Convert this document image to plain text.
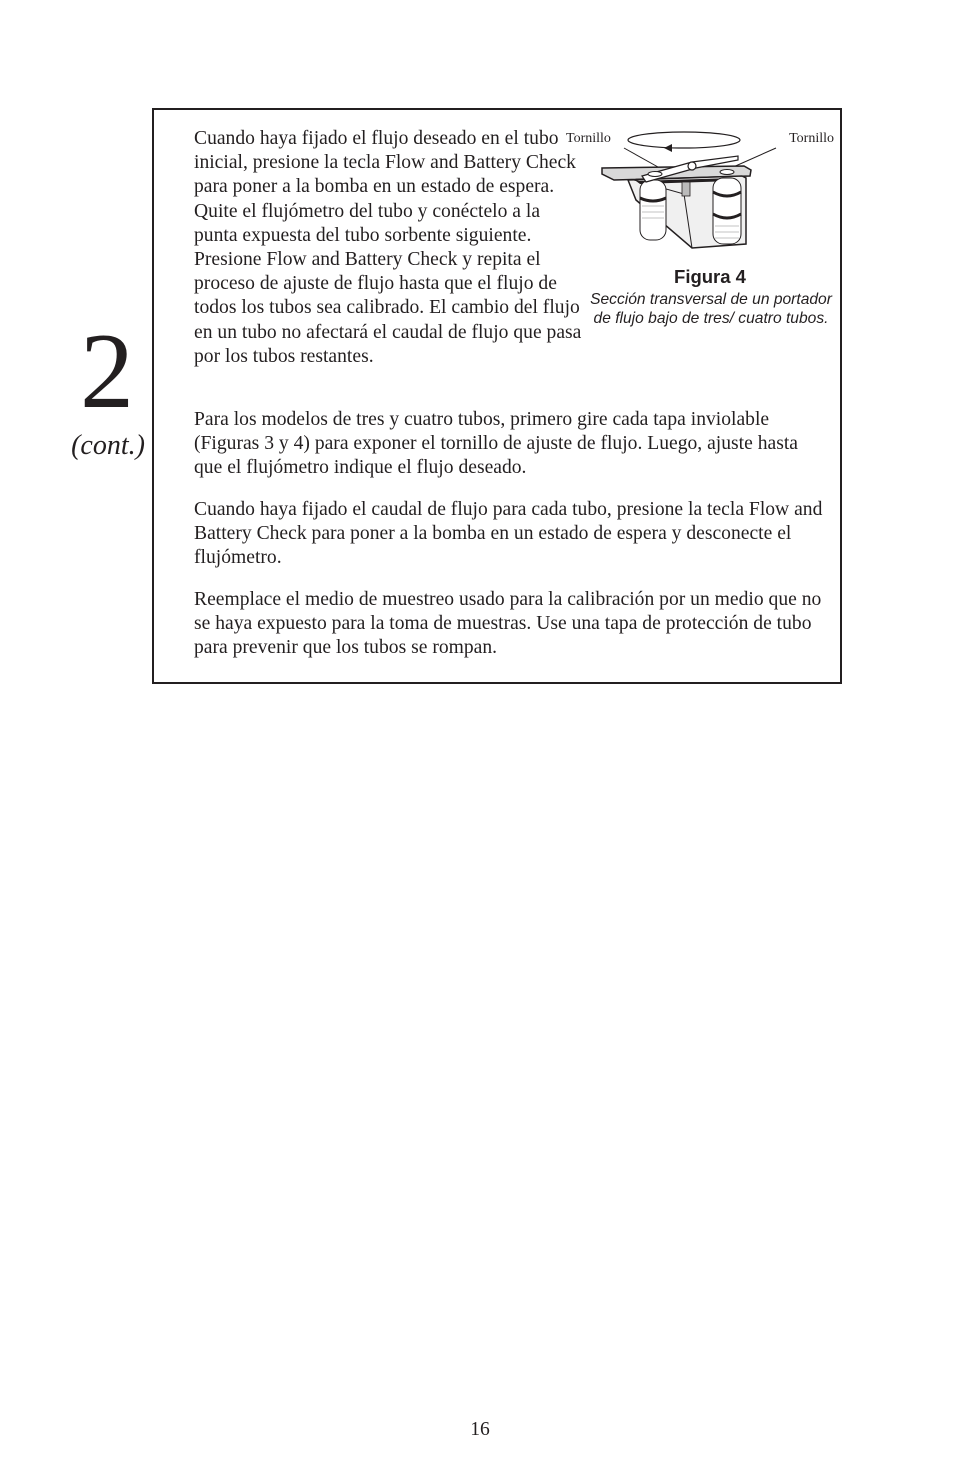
2
(cont.)

Cuando haya fijado el flujo deseado en el tubo inicial, presione la tecla Flow and Battery Check para poner a la bomba en un estado de espera. Quite el flujómetro del tubo y conéctelo a la punta expuesta del tubo sorbente siguiente. Presione Flow and Battery Check y repita el proceso de ajuste de flujo hasta que el flujo de todos los tubos sea calibrado. El cambio del flujo en un tubo no afectará el caudal de flujo que pasa por los tubos restantes.

Tornillo	Tornillo
Figura 4
Sección transversal de un portador de flujo bajo de tres/ cuatro tubos.

Para los modelos de tres y cuatro tubos, primero gire cada tapa inviolable (Figuras 3 y 4) para exponer el tornillo de ajuste de flujo. Luego, ajuste hasta que el flujómetro indique el flujo deseado.

Cuando haya fijado el caudal de flujo para cada tubo, presione la tecla Flow and Battery Check para poner a la bomba en un estado de espera y desconecte el flujómetro.

Reemplace el medio de muestreo usado para la calibración por un medio que no se haya expuesto para la toma de muestras. Use una tapa de protección de tubo para prevenir que los tubos se rompan.

16
